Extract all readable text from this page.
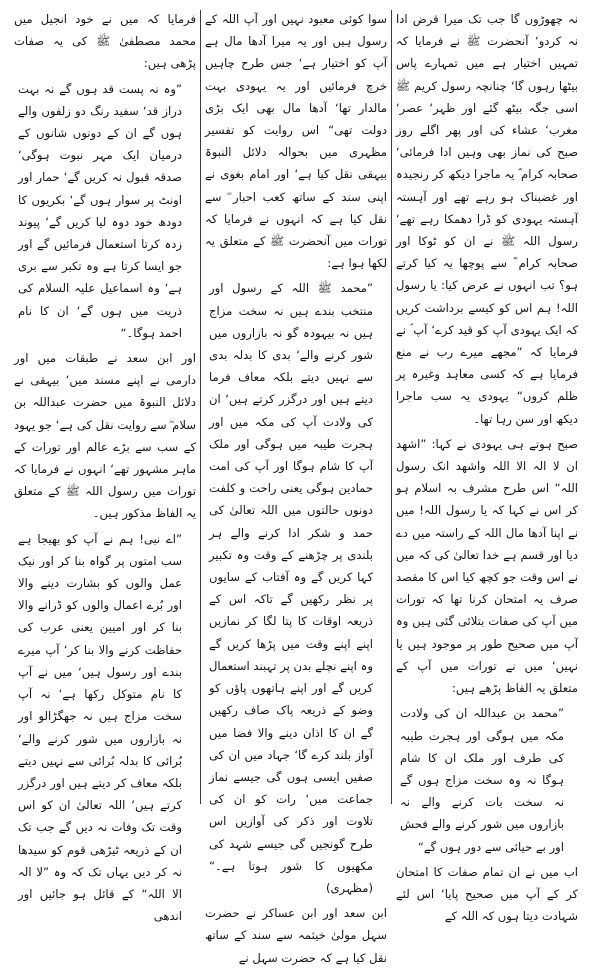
نہ چھوڑوں گا جب تک میرا قرض ادا نہ کردو‘ آنحضرت ﷺ نے فرمایا کہ تمہیں اختیار ہے میں تمہارے پاس بیٹھا رہوں گا‘ چنانچہ رسول کریم ﷺ اسی جگہ بیٹھ گئے اور ظہر‘ عصر‘ مغرب‘ عشاء کی اور پھر اگلے روز صبح کی نماز بھی وہیں ادا فرمائی‘ صحابہ کرام ؓ یہ ماجرا دیکھ کر رنجیدہ اور غضبناک ہو رہے تھے اور آہستہ آہستہ یہودی کو ڈرا دھمکا رہے تھے‘ رسول اللہ ﷺ نے ان کو ٹوکا اور صحابہ کرام ؓ سے پوچھا یہ کیا کرتے ہو؟ تب انہوں نے عرض کیا: یا رسول اللہ! ہم اس کو کیسے برداشت کریں کہ ایک یہودی آپ کو قید کرے‘ آپ ؐ نے فرمایا کہ ”مجھے میرے رب نے منع فرمایا ہے کہ کسی معاہد وغیرہ پر ظلم کروں“ یہودی یہ سب ماجرا دیکھ اور سن رہا تھا۔

صبح ہوتے ہی یہودی نے کہا: ”اشھد ان لا الہ الا اللہ واشھد انک رسول اللہ“ اس طرح مشرف بہ اسلام ہو کر اس نے کہا کہ یا رسول اللہ! میں نے اپنا آدھا مال اللہ کے راستہ میں دے دیا اور قسم ہے خدا تعالیٰ کی کہ میں نے اس وقت جو کچھ کیا اس کا مقصد صرف یہ امتحان کرنا تھا کہ تورات میں آپ کی صفات بتلائی گئی ہیں وہ آپ میں صحیح طور پر موجود ہیں یا نہیں‘ میں نے تورات میں آپ کے متعلق یہ الفاظ پڑھے ہیں:

”محمد بن عبداللہ ان کی ولادت مکہ میں ہوگی اور ہجرت طیبہ کی طرف اور ملک ان کا شام ہوگا نہ وہ سخت مزاج ہوں گے نہ سخت بات کرنے والے نہ بازاروں میں شور کرنے والے فحش اور بے حیائی سے دور ہوں گے“

اب میں نے ان تمام صفات کا امتحان کر کے آپ میں صحیح پایا‘ اس لئے شہادت دیتا ہوں کہ اللہ کے

سوا کوئی معبود نہیں اور آپ اللہ کے رسول ہیں اور یہ میرا آدھا مال ہے آپ کو اختیار ہے‘ جس طرح چاہیں خرچ فرمائیں اور یہ یہودی بہت مالدار تھا‘ آدھا مال بھی ایک بڑی دولت تھی“ اس روایت کو تفسیر مظہری میں بحوالہ دلائل النبوۃ بیہقی نقل کیا ہے‘ اور امام بغوی نے اپنی سند کے ساتھ کعب احبار ؓ سے نقل کیا ہے کہ انہوں نے فرمایا کہ تورات میں آنحضرت ﷺ کے متعلق یہ لکھا ہوا ہے:

”محمد ﷺ اللہ کے رسول اور منتخب بندے ہیں نہ سخت مزاج ہیں نہ بیہودہ گو نہ بازاروں میں شور کرنے والے‘ بدی کا بدلہ بدی سے نہیں دیتے بلکہ معاف فرما دیتے ہیں اور درگزر کرتے ہیں‘ ان کی ولادت آپ کی مکہ میں اور ہجرت طیبہ میں ہوگی اور ملک آپ کا شام ہوگا اور آپ کی امت حمادین ہوگی یعنی راحت و کلفت دونوں حالتوں میں اللہ تعالیٰ کی حمد و شکر ادا کرنے والے ہر بلندی پر چڑھنے کے وقت وہ تکبیر کہا کریں گے وہ آفتاب کے سایوں پر نظر رکھیں گے تاکہ اس کے ذریعہ اوقات کا پتا لگا کر نمازیں اپنے اپنے وقت میں پڑھا کریں گے وہ اپنے نچلے بدن پر تہبند استعمال کریں گے اور اپنے ہاتھوں پاؤں کو وضو کے ذریعہ پاک صاف رکھیں گے ان کا اذان دینے والا فضا میں آواز بلند کرے گا‘ جہاد میں ان کی صفیں ایسی ہوں گی جیسے نماز جماعت میں‘ رات کو ان کی تلاوت اور ذکر کی آوازیں اس طرح گونجیں گی جیسے شہد کی مکھیوں کا شور ہوتا ہے۔“ (مظہری)

ابن سعد اور ابن عساکر نے حضرت سہل مولیٰ خیثمہ سے سند کے ساتھ نقل کیا ہے کہ حضرت سہل نے

فرمایا کہ میں نے خود انجیل میں محمد مصطفیٰ ﷺ کی یہ صفات پڑھی ہیں:

”وہ نہ پست قد ہوں گے نہ بہت دراز قد‘ سفید رنگ دو زلفوں والے ہوں گے ان کے دونوں شانوں کے درمیان ایک مہر نبوت ہوگی‘ صدقہ قبول نہ کریں گے‘ حمار اور اونٹ پر سوار ہوں گے‘ بکریوں کا دودھ خود دوہ لیا کریں گے‘ پیوند زدہ کرتا استعمال فرمائیں گے اور جو ایسا کرتا ہے وہ تکبر سے بری ہے‘ وہ اسماعیل علیہ السلام کی ذریت میں ہوں گے‘ ان کا نام احمد ہوگا۔“

اور ابن سعد نے طبقات میں اور دارمی نے اپنے مسند میں‘ بیہقی نے دلائل النبوۃ میں حضرت عبداللہ بن سلام ؓ سے روایت نقل کی ہے‘ جو یہود کے سب سے بڑے عالم اور تورات کے ماہر مشہور تھے‘ انہوں نے فرمایا کہ تورات میں رسول اللہ ﷺ کے متعلق یہ الفاظ مذکور ہیں۔

”اے نبی! ہم نے آپ کو بھیجا ہے سب امتوں پر گواہ بنا کر اور نیک عمل والوں کو بشارت دینے والا اور بُرے اعمال والوں کو ڈرانے والا بنا کر اور امیین یعنی عرب کی حفاظت کرنے والا بنا کر‘ آپ میرے بندے اور رسول ہیں‘ میں نے آپ کا نام متوکل رکھا ہے‘ نہ آپ سخت مزاج ہیں نہ جھگڑالو اور نہ بازاروں میں شور کرنے والے‘ بُرائی کا بدلہ بُرائی سے نہیں دیتے بلکہ معاف کر دیتے ہیں اور درگزر کرتے ہیں‘ اللہ تعالیٰ ان کو اس وقت تک وفات نہ دیں گے جب تک ان کے ذریعہ ٹیڑھی قوم کو سیدھا نہ کر دیں یہاں تک کہ وہ ”لا الہ الا اللہ“ کے قائل ہو جائیں اور اندھی
